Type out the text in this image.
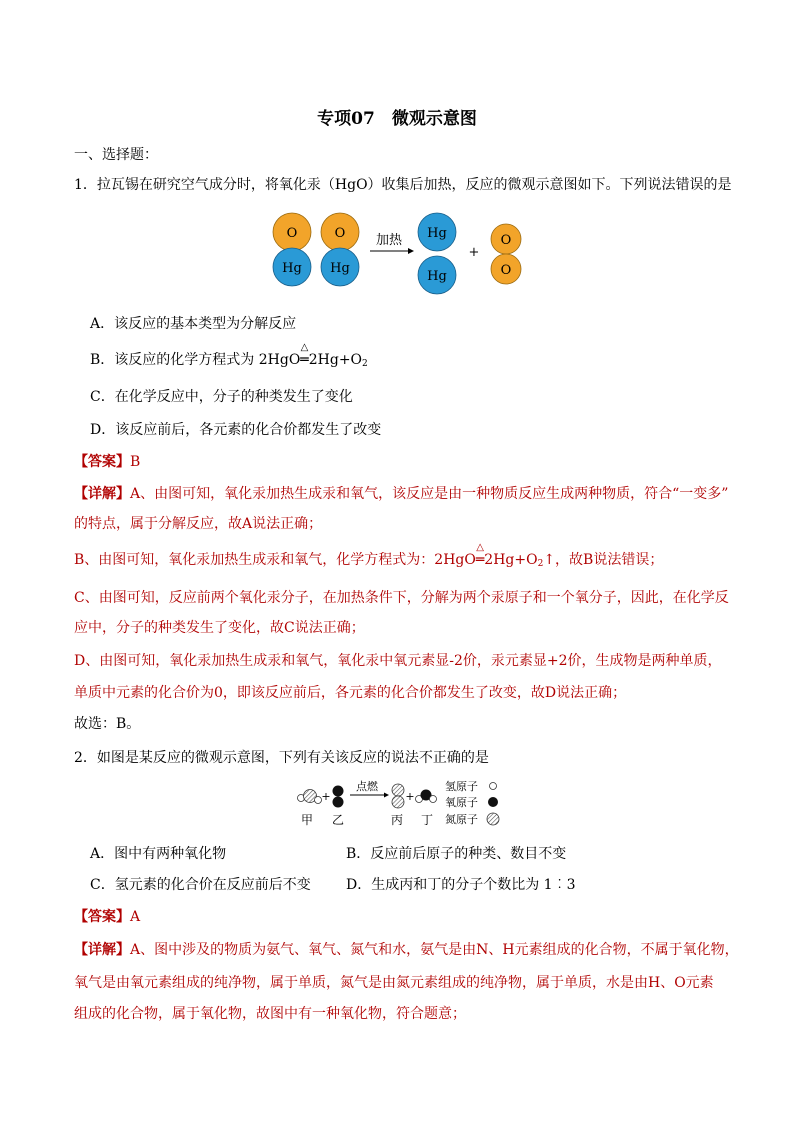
专项07　微观示意图
一、选择题：
1．拉瓦锡在研究空气成分时，将氧化汞（HgO）收集后加热，反应的微观示意图如下。下列说法错误的是
O
Hg
O
Hg
加热 Hg
Hg
+
O
O
A．该反应的基本类型为分解反应
B．该反应的化学方程式为 2HgO
△
$═2Hg+O_2$
C．在化学反应中，分子的种类发生了变化
D．该反应前后，各元素的化合价都发生了改变
【答案】B
【详解】A、由图可知，氧化汞加热生成汞和氧气，该反应是由一种物质反应生成两种物质，符合“一变多”
的特点，属于分解反应，故A说法正确；
B、由图可知，氧化汞加热生成汞和氧气，化学方程式为：2HgO
△
$═2Hg+O_2↑$，故B说法错误；
C、由图可知，反应前两个氧化汞分子，在加热条件下，分解为两个汞原子和一个氧分子，因此，在化学反
应中，分子的种类发生了变化，故C说法正确；
D、由图可知，氧化汞加热生成汞和氧气，氧化汞中氧元素显-2价，汞元素显+2价，生成物是两种单质，
单质中元素的化合价为0，即该反应前后，各元素的化合价都发生了改变，故D说法正确；
故选：B。
2．如图是某反应的微观示意图，下列有关该反应的说法不正确的是
+
点燃
+
甲 乙	丙 丁
氢原子
氧原子
氮原子
A．图中有两种氧化物	B．反应前后原子的种类、数目不变
C．氢元素的化合价在反应前后不变	D．生成丙和丁的分子个数比为 1︰3
【答案】A
【详解】A、图中涉及的物质为氨气、氧气、氮气和水，氨气是由N、H元素组成的化合物，不属于氧化物，
氧气是由氧元素组成的纯净物，属于单质，氮气是由氮元素组成的纯净物，属于单质，水是由H、O元素
组成的化合物，属于氧化物，故图中有一种氧化物，符合题意；
